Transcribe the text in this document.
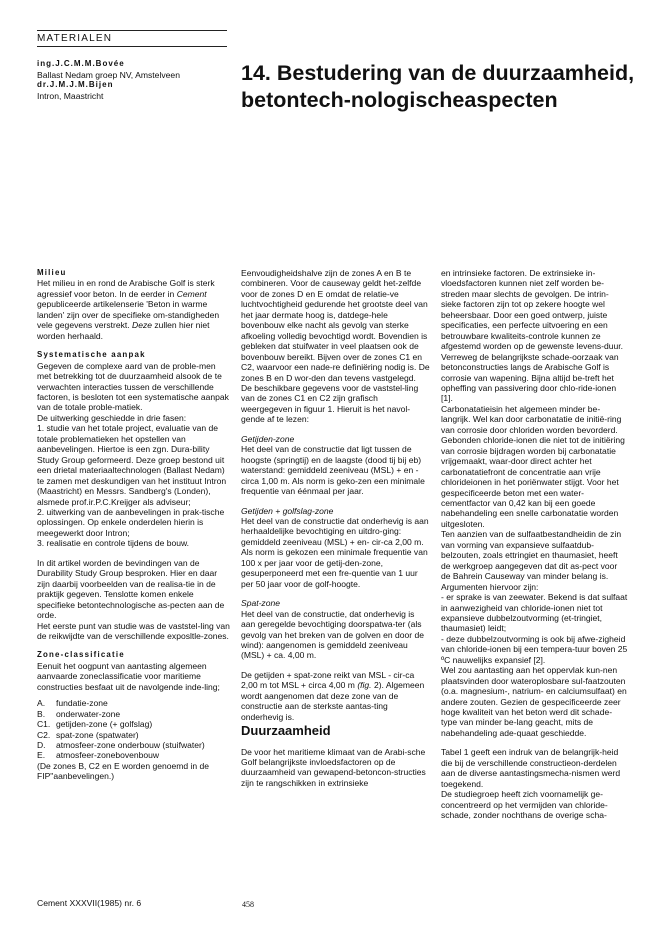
MATERIALEN
ing.J.C.M.M.Bovée
Ballast Nedam groep NV, Amstelveen
dr.J.M.J.M.Bijen
Intron, Maastricht
14. Bestudering van de duurzaamheid, betontech-nologischeaspecten

Milieu

Het milieu in en rond de Arabische Golf is sterk agressief voor beton. In de eerder in Cement gepubliceerde artikelenserie 'Beton in warme landen' zijn over de specifieke om-standigheden vele gegevens verstrekt. Deze zullen hier niet worden herhaald.

Systematische aanpak

Gegeven de complexe aard van de proble-men met betrekking tot de duurzaamheid alsook de te verwachten interacties tussen de verschillende factoren, is besloten tot een systematische aanpak van de totale proble-matiek.

De uitwerking geschiedde in drie fasen:

1. studie van het totale project, evaluatie van de totale problematieken het opstellen van aanbevelingen. Hiertoe is een zgn. Dura-bility Study Group geformeerd. Deze groep bestond uit een drietal materiaaltechnologen (Ballast Nedam) te zamen met deskundigen van het instituut Intron (Maastricht) en Messrs. Sandberg's (Londen), alsmede prof.ir.P.C.Kreijger als adviseur;

2. uitwerking van de aanbevelingen in prak-tische oplossingen. Op enkele onderdelen hierin is meegewerkt door Intron;

3. realisatie en controle tijdens de bouw.

In dit artikel worden de bevindingen van de Durability Study Group besproken. Hier en daar zijn daarbij voorbeelden van de realisa-tie in de praktijk gegeven. Tenslotte komen enkele specifieke betontechnologische as-pecten aan de orde.

Het eerste punt van studie was de vaststel-ling van de reikwijdte van de verschillende exposltle-zones.

Zone-classificatie

Eenuit het oogpunt van aantasting algemeen aanvaarde zoneclassificatie voor maritieme constructies besfaat uit de navolgende inde-ling;

A.	fundatie-zone
B.	onderwater-zone
C1. getijden-zone (+ golfslag)
C2. spat-zone (spatwater)
D.	atmosfeer-zone onderbouw (stuifwater)
E.	atmosfeer-zonebovenbouw

(De zones B, C2 en E worden genoemd in de FIP"aanbevelingen.)

Eenvoudigheidshalve zijn de zones A en B te combineren. Voor de causeway geldt het-zelfde voor de zones D en E omdat de relatie-ve luchtvochtigheid gedurende het grootste deel van het jaar dermate hoog is, datdege-hele bovenbouw elke nacht als gevolg van sterke afkoeling volledig bevochtigd wordt. Bovendien is gebleken dat stuifwater in veel plaatsen ook de bovenbouw bereikt. Bijven over de zones C1 en C2, waarvoor een nade-re definiëring nodig is. De zones B en D wor-den dan tevens vastgelegd.

De beschikbare gegevens voor de vaststel-ling van de zones C1 en C2 zijn grafisch weergegeven in figuur 1. Hieruit is het navol-gende af te lezen:

Getijden-zone

Het deel van de constructie dat ligt tussen de hoogste (springtij) en de laagste (dood tij bij eb) waterstand: gemiddeld zeeniveau (MSL) + en - circa 1,00 m. Als norm is geko-zen een minimale frequentie van éénmaal per jaar.

Getijden + golfslag-zone

Het deel van de constructie dat onderhevig is aan herhaaldelijke bevochtiging en uitdro-ging: gemiddeld zeeniveau (MSL) + en- cir-ca 2,00 m. Als norm is gekozen een minimale frequentie van 100 x per jaar voor de getij-den-zone, gesuperponeerd met een fre-quentie van 1 uur per 50 jaar voor de golf-hoogte.

Spat-zone

Het deel van de constructie, dat onderhevig is aan geregelde bevochtiging doorspatwa-ter (als gevolg van het breken van de golven en door de wind): aangenomen is gemiddeld zeeniveau (MSL) + ca. 4,00 m.

De getijden + spat-zone reikt van MSL - cir-ca 2,00 m tot MSL + circa 4,00 m (fig. 2). Algemeen wordt aangenomen dat deze zone van de constructie aan de sterkste aantas-ting onderhevig is.

Duurzaamheid

De voor het maritieme klimaat van de Arabi-sche Golf belangrijkste invloedsfactoren op de duurzaamheid van gewapend-betoncon-structies zijn te rangschikken in extrinsieke

en intrinsieke factoren. De extrinsieke in-vloedsfactoren kunnen niet zelf worden be-streden maar slechts de gevolgen. De intrin-sieke factoren zijn tot op zekere hoogte wel beheersbaar. Door een goed ontwerp, juiste specificaties, een perfecte uitvoering en een betrouwbare kwaliteits-controle kunnen ze afgestemd worden op de gewenste levens-duur.

Verreweg de belangrijkste schade-oorzaak van betonconstructies langs de Arabische Golf is corrosie van wapening. Bijna altijd be-treft het opheffing van passivering door chlo-ride-ionen [1].

Carbonatatieisin het algemeen minder be-langrijk. Wel kan door carbonatatie de initië-ring van corrosie door chloriden worden bevorderd. Gebonden chloride-ionen die niet tot de initiëring van corrosie bijdragen worden bij carbonatatie vrijgemaakt, waar-door direct achter het carbonatatiefront de concentratie aan vrije chlorideionen in het poriënwater stijgt. Voor het gespecificeerde beton met een water-cementfactor van 0,42 kan bij een goede nabehandeling een snelle carbonatatie worden uitgesloten.

Ten aanzien van de sulfaatbestandheidin de zin van vorming van expansieve sulfaatdub-belzouten, zoals ettringiet en thaumasiet, heeft de werkgroep aangegeven dat dit as-pect voor de Bahrein Causeway van minder belang is. Argumenten hiervoor zijn:

- er sprake is van zeewater. Bekend is dat sulfaat in aanwezigheid van chloride-ionen niet tot expansieve dubbelzoutvorming (et-tringiet, thaumasiet) leidt;

- deze dubbelzoutvorming is ook bij afwe-zigheid van chloride-ionen bij een tempera-tuur boven 25 ºC nauwelijks expansief [2].

Wel zou aantasting aan het oppervlak kun-nen plaatsvinden door wateroplosbare sul-faatzouten (o.a. magnesium-, natrium- en calciumsulfaat) en andere zouten. Gezien de gespecificeerde zeer hoge kwaliteit van het beton werd dit schade-type van minder be-lang geacht, mits de nabehandeling ade-quaat geschiedde.

Tabel 1 geeft een indruk van de belangrijk-heid die bij de verschillende constructieon-derdelen aan de diverse aantastingsmecha-nismen werd toegekend.

De studiegroep heeft zich voornamelijk ge-concentreerd op het vermijden van chloride-schade, zonder nochthans de overige scha-

Cement XXXVII(1985) nr. 6	458
